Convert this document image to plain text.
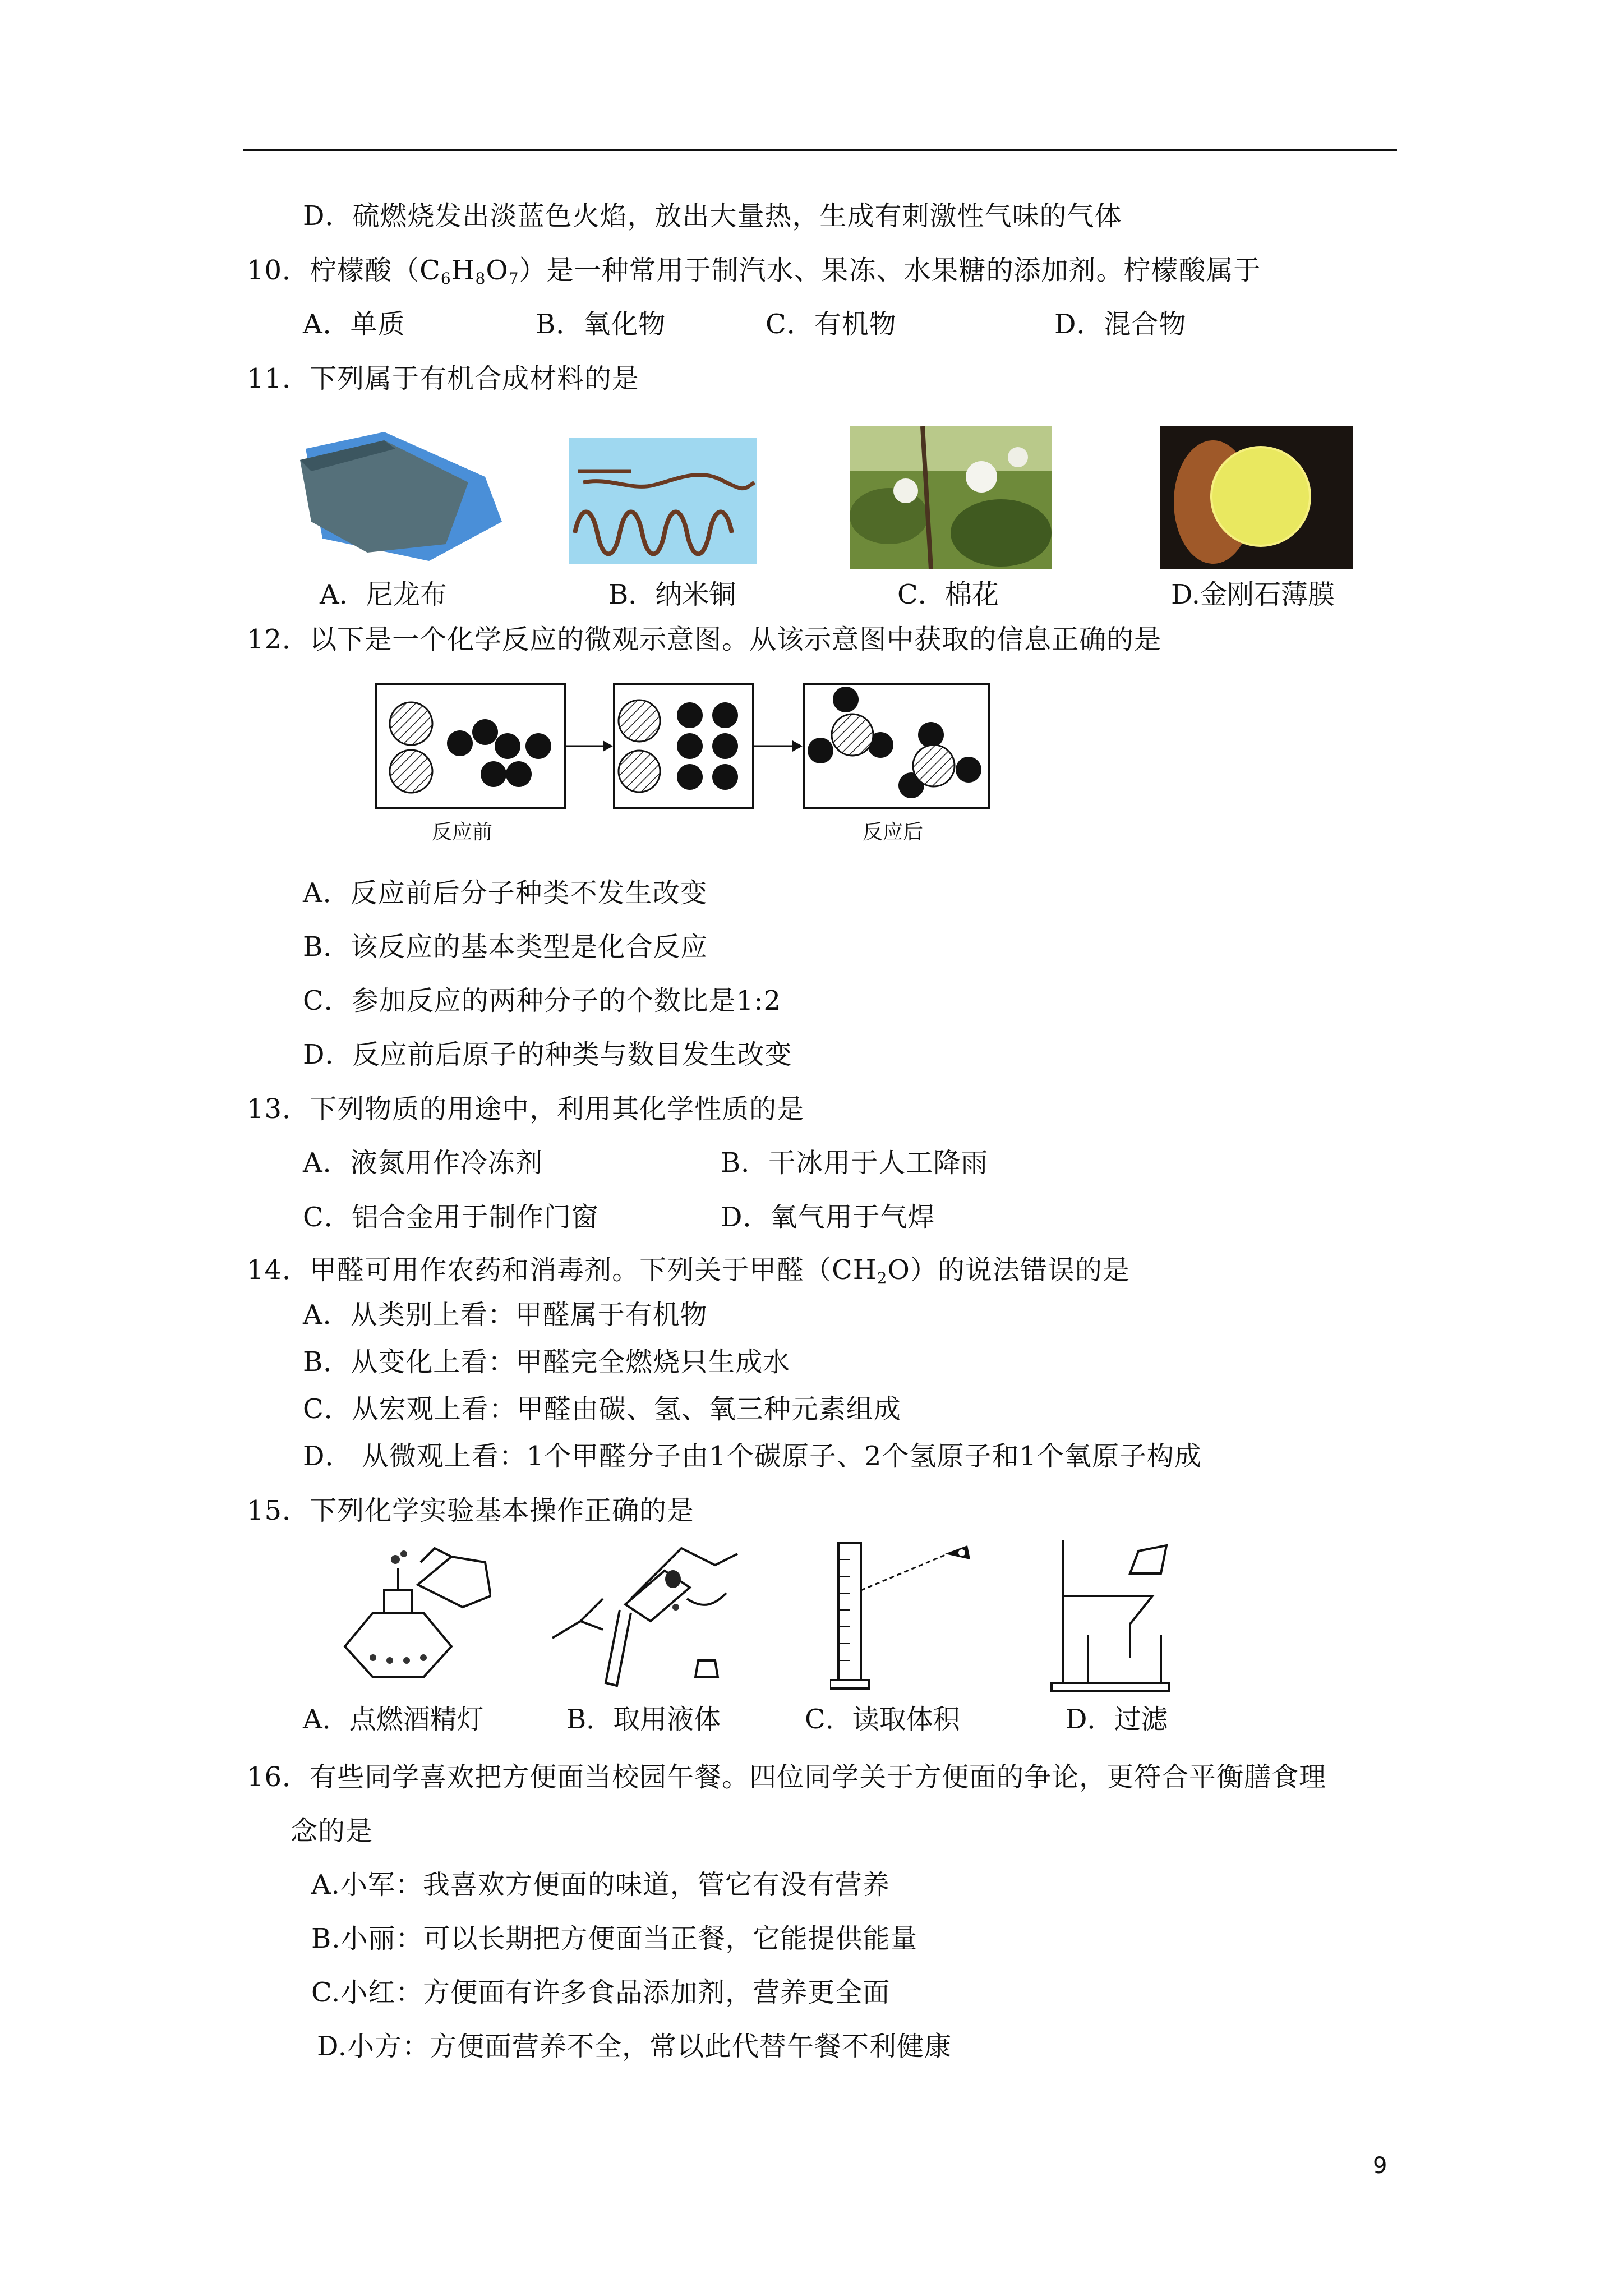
D．硫燃烧发出淡蓝色火焰，放出大量热，生成有刺激性气味的气体
10．柠檬酸$(C_6H_8O_7)$是一种常用于制汽水、果冻、水果糖的添加剂。柠檬酸属于
A．单质	B．氧化物	C．有机物	D．混合物
11．下列属于有机合成材料的是
A．尼龙布	B．纳米铜	C．棉花	D.金刚石薄膜
12．以下是一个化学反应的微观示意图。从该示意图中获取的信息正确的是
反应前	反应后
A．反应前后分子种类不发生改变
B．该反应的基本类型是化合反应
C．参加反应的两种分子的个数比是1:2
D．反应前后原子的种类与数目发生改变
13．下列物质的用途中，利用其化学性质的是
A．液氮用作冷冻剂	B．干冰用于人工降雨
C．铝合金用于制作门窗	D．氧气用于气焊
14．甲醛可用作农药和消毒剂。下列关于甲醛$(CH_2O)$的说法错误的是
A．从类别上看：甲醛属于有机物
B．从变化上看：甲醛完全燃烧只生成水
C．从宏观上看：甲醛由碳、氢、氧三种元素组成
D． 从微观上看：1个甲醛分子由1个碳原子、2个氢原子和1个氧原子构成
15．下列化学实验基本操作正确的是
A．点燃酒精灯	B．取用液体	C．读取体积	D．过滤
16．有些同学喜欢把方便面当校园午餐。四位同学关于方便面的争论，更符合平衡膳食理
念的是
A.小军：我喜欢方便面的味道，管它有没有营养
B.小丽：可以长期把方便面当正餐，它能提供能量
C.小红：方便面有许多食品添加剂，营养更全面
D.小方：方便面营养不全，常以此代替午餐不利健康
9
